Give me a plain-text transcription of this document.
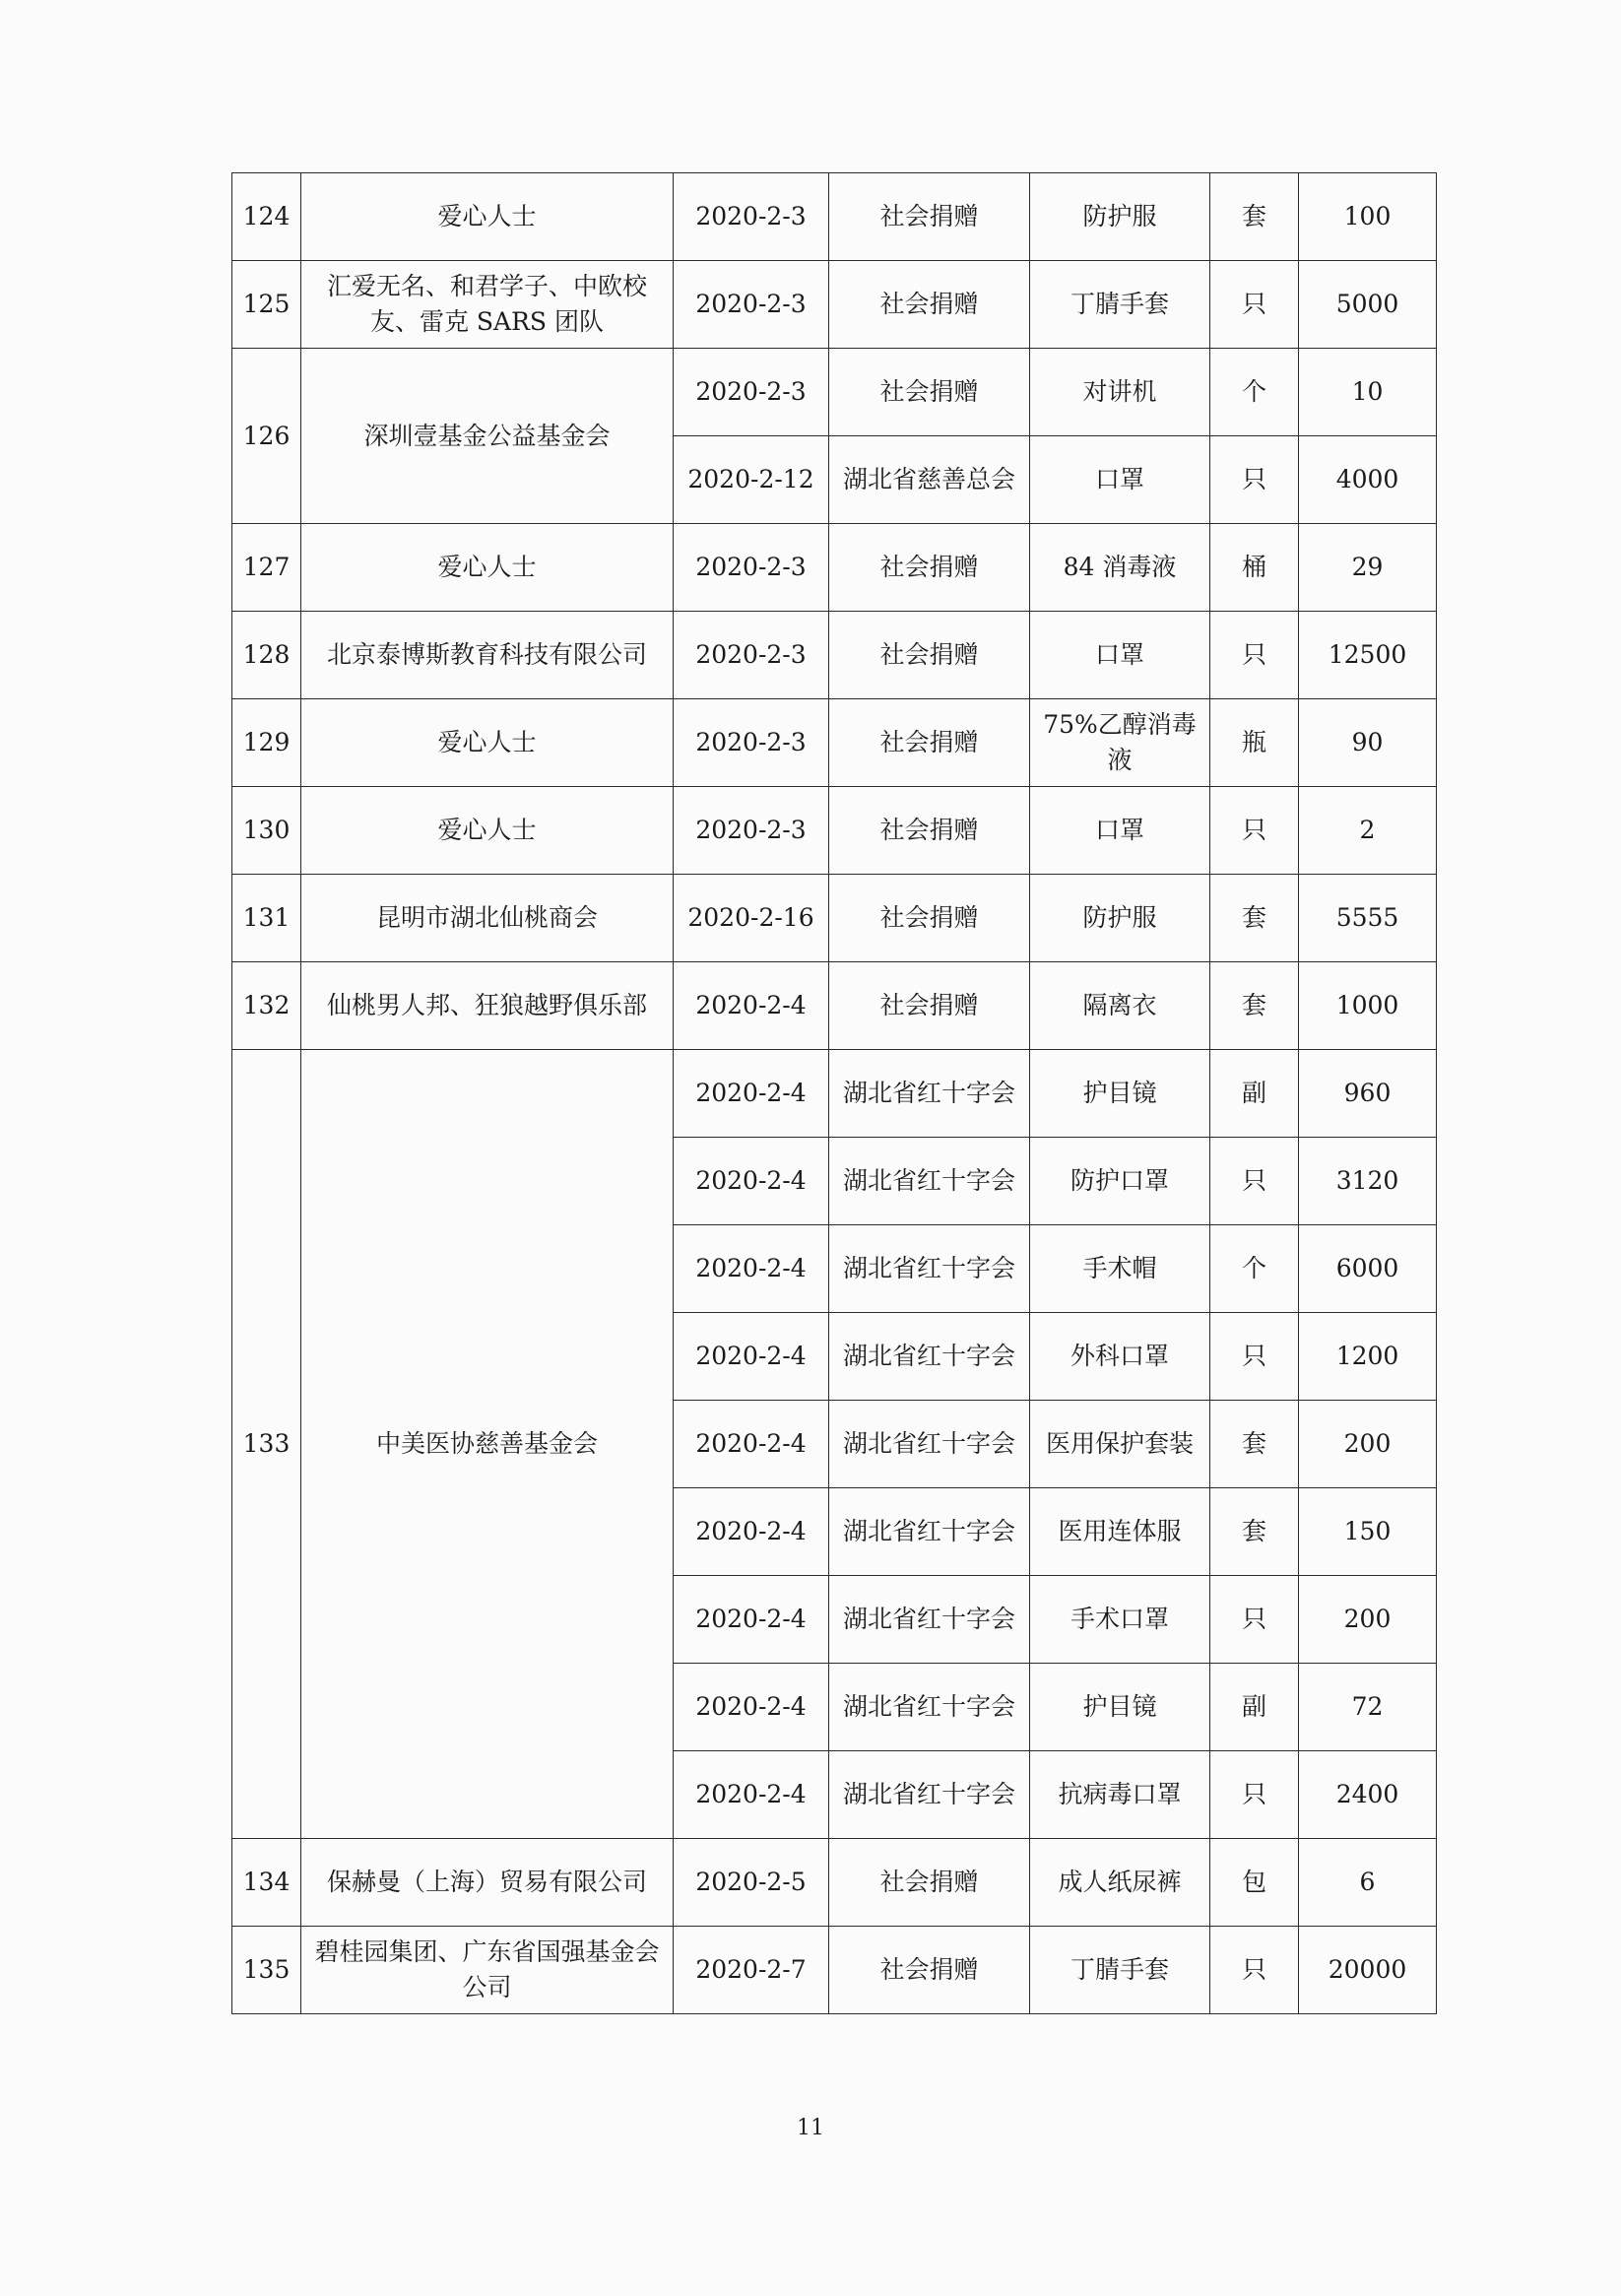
124	爱心人士	2020-2-3	社会捐赠	防护服	套	100
125	汇爱无名、和君学子、中欧校友、雷克 SARS 团队	2020-2-3	社会捐赠	丁腈手套	只	5000
126	深圳壹基金公益基金会	2020-2-3	社会捐赠	对讲机	个	10
		2020-2-12	湖北省慈善总会	口罩	只	4000
127	爱心人士	2020-2-3	社会捐赠	84 消毒液	桶	29
128	北京泰博斯教育科技有限公司	2020-2-3	社会捐赠	口罩	只	12500
129	爱心人士	2020-2-3	社会捐赠	75%乙醇消毒液	瓶	90
130	爱心人士	2020-2-3	社会捐赠	口罩	只	2
131	昆明市湖北仙桃商会	2020-2-16	社会捐赠	防护服	套	5555
132	仙桃男人邦、狂狼越野俱乐部	2020-2-4	社会捐赠	隔离衣	套	1000
133	中美医协慈善基金会	2020-2-4	湖北省红十字会	护目镜	副	960
		2020-2-4	湖北省红十字会	防护口罩	只	3120
		2020-2-4	湖北省红十字会	手术帽	个	6000
		2020-2-4	湖北省红十字会	外科口罩	只	1200
		2020-2-4	湖北省红十字会	医用保护套装	套	200
		2020-2-4	湖北省红十字会	医用连体服	套	150
		2020-2-4	湖北省红十字会	手术口罩	只	200
		2020-2-4	湖北省红十字会	护目镜	副	72
		2020-2-4	湖北省红十字会	抗病毒口罩	只	2400
134	保赫曼（上海）贸易有限公司	2020-2-5	社会捐赠	成人纸尿裤	包	6
135	碧桂园集团、广东省国强基金会公司	2020-2-7	社会捐赠	丁腈手套	只	20000
11
